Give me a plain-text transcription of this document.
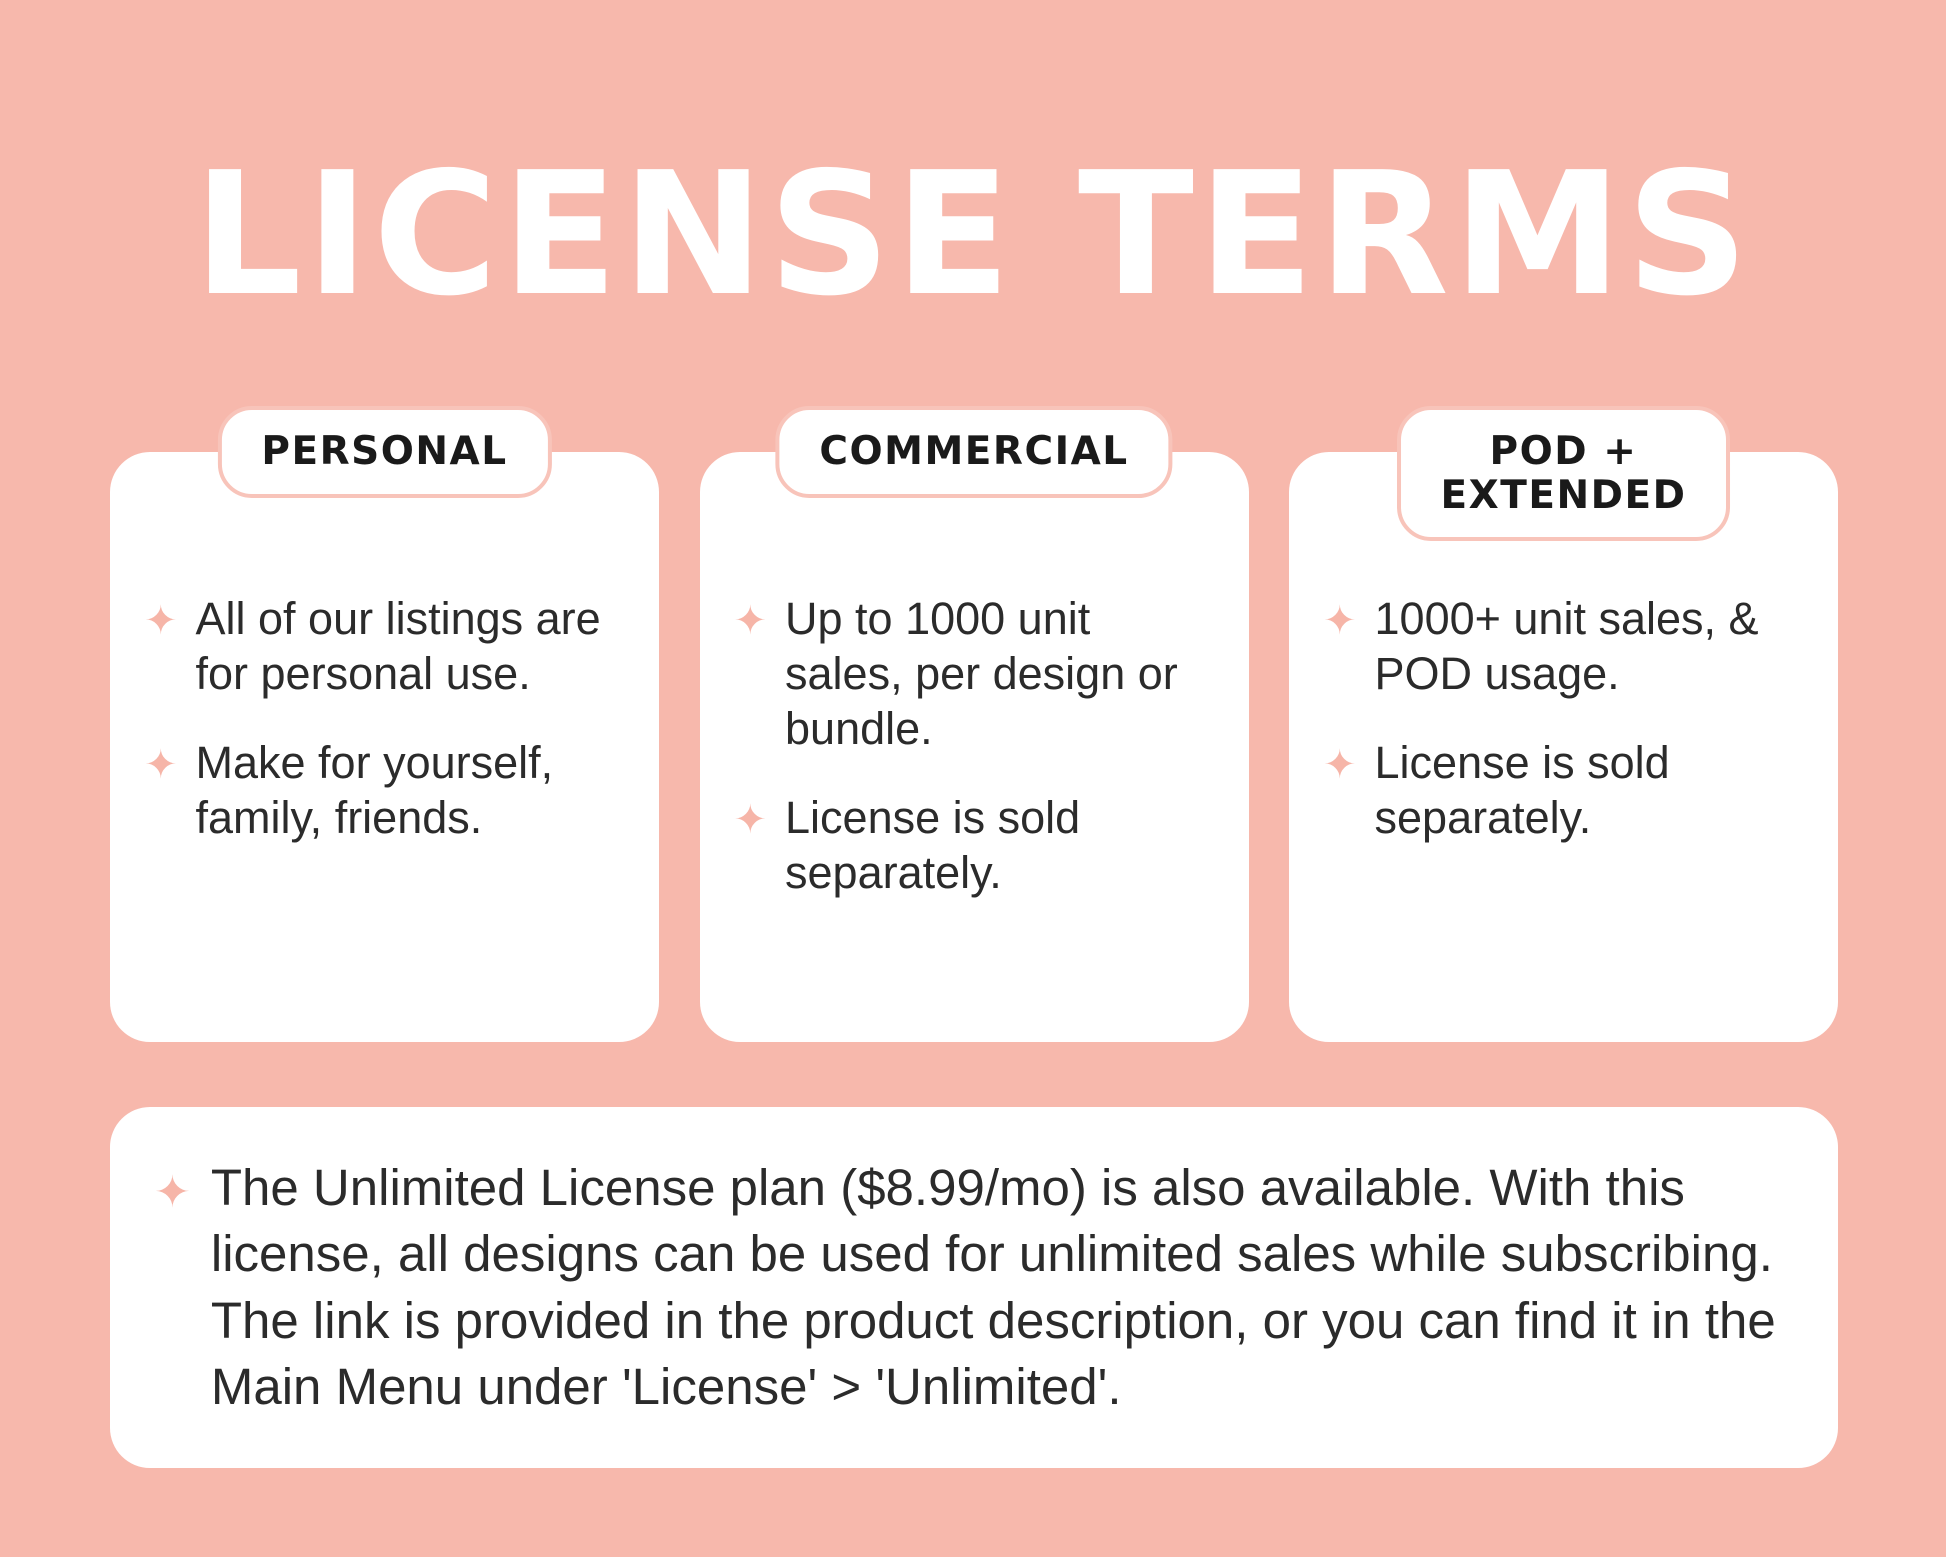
LICENSE TERMS
PERSONAL
✦ All of our listings are for personal use.
✦ Make for yourself, family, friends.
COMMERCIAL
✦ Up to 1000 unit sales, per design or bundle.
✦ License is sold separately.
POD + EXTENDED
✦ 1000+ unit sales, & POD usage.
✦ License is sold separately.
✦ The Unlimited License plan ($8.99/mo) is also available. With this license, all designs can be used for unlimited sales while subscribing. The link is provided in the product description, or you can find it in the Main Menu under 'License' > 'Unlimited'.
